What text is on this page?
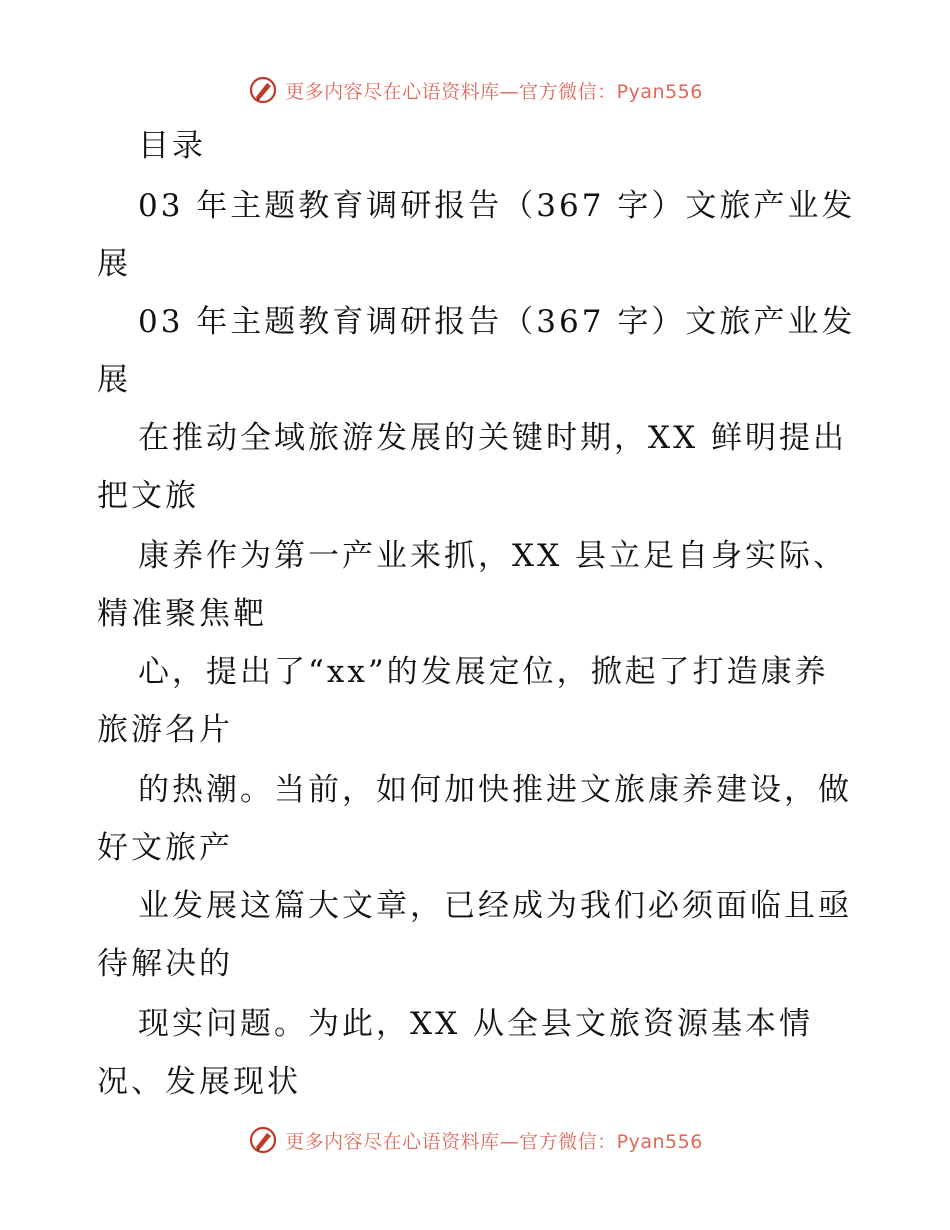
更多内容尽在心语资料库—官方微信：Pyan556
目录
03 年主题教育调研报告（367 字）文旅产业发
展
03 年主题教育调研报告（367 字）文旅产业发
展
在推动全域旅游发展的关键时期，XX 鲜明提出
把文旅
康养作为第一产业来抓，XX 县立足自身实际、
精准聚焦靶
心，提出了“xx”的发展定位，掀起了打造康养
旅游名片
的热潮。当前，如何加快推进文旅康养建设，做
好文旅产
业发展这篇大文章，已经成为我们必须面临且亟
待解决的
现实问题。为此，XX 从全县文旅资源基本情
况、发展现状
更多内容尽在心语资料库—官方微信：Pyan556
